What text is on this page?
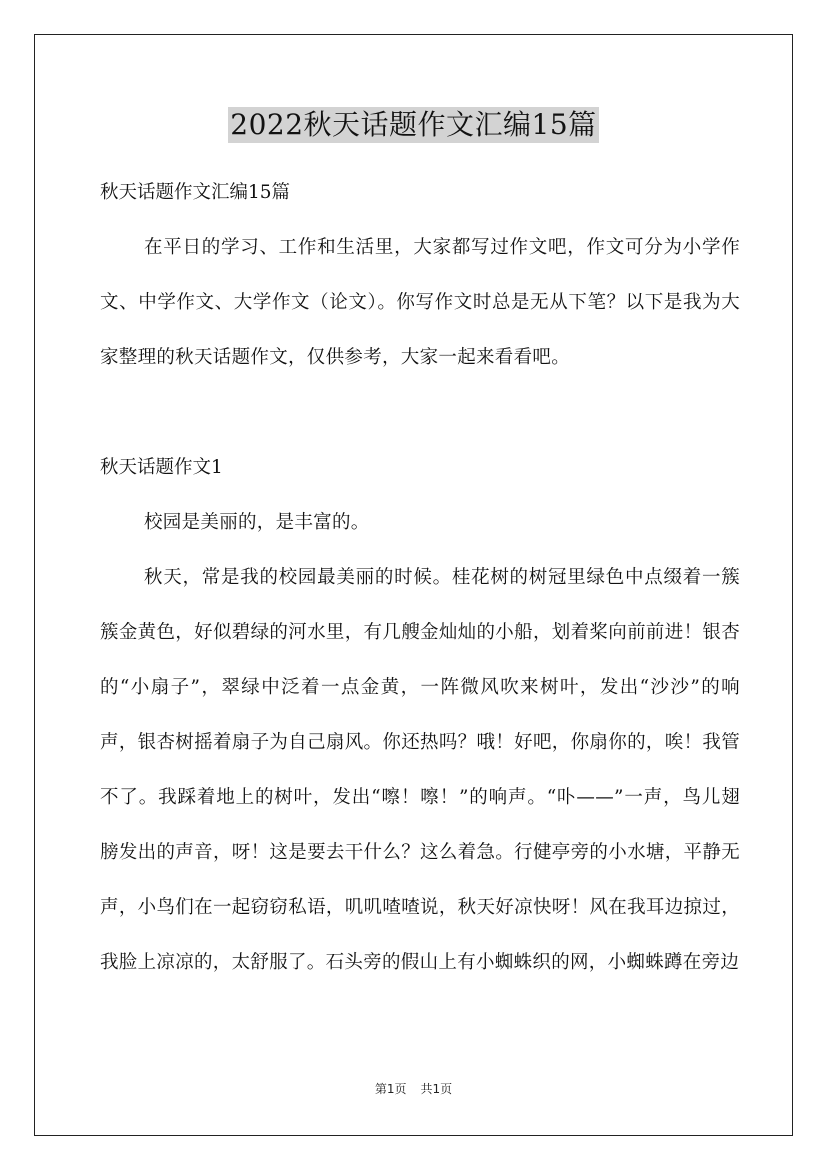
2022秋天话题作文汇编15篇

秋天话题作文汇编15篇

在平日的学习、工作和生活里，大家都写过作文吧，作文可分为小学作文、中学作文、大学作文（论文）。你写作文时总是无从下笔？以下是我为大家整理的秋天话题作文，仅供参考，大家一起来看看吧。

秋天话题作文1

校园是美丽的，是丰富的。

秋天，常是我的校园最美丽的时候。桂花树的树冠里绿色中点缀着一簇簇金黄色，好似碧绿的河水里，有几艘金灿灿的小船，划着桨向前前进！银杏的“小扇子”，翠绿中泛着一点金黄，一阵微风吹来树叶，发出“沙沙”的响声，银杏树摇着扇子为自己扇风。你还热吗？哦！好吧，你扇你的，唉！我管不了。我踩着地上的树叶，发出“嚓！嚓！”的响声。“卟——”一声，鸟儿翅膀发出的声音，呀！这是要去干什么？这么着急。行健亭旁的小水塘，平静无声，小鸟们在一起窃窃私语，叽叽喳喳说，秋天好凉快呀！风在我耳边掠过，我脸上凉凉的，太舒服了。石头旁的假山上有小蜘蛛织的网，小蜘蛛蹲在旁边

第1页 共1页
